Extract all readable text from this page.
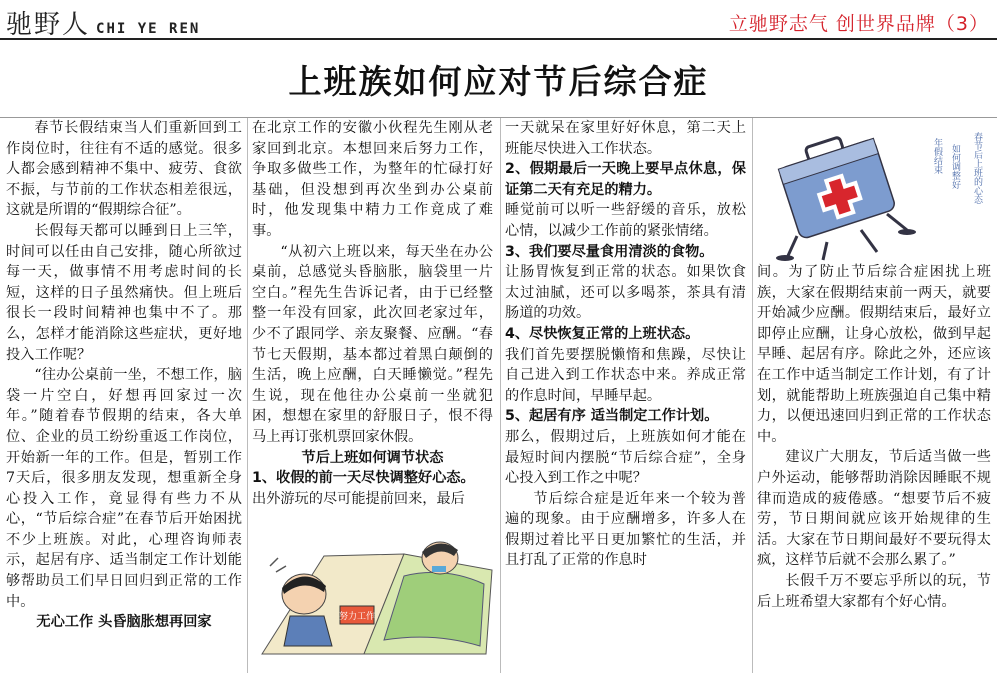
驰野人 CHI YE REN	立驰野志气 创世界品牌（3）
上班族如何应对节后综合症

春节长假结束当人们重新回到工作岗位时，往往有不适的感觉。很多人都会感到精神不集中、疲劳、食欲不振，与节前的工作状态相差很远，这就是所谓的“假期综合征”。

长假每天都可以睡到日上三竿，时间可以任由自己安排，随心所欲过每一天，做事情不用考虑时间的长短，这样的日子虽然痛快。但上班后很长一段时间精神也集中不了。那么，怎样才能消除这些症状，更好地投入工作呢？

“往办公桌前一坐，不想工作，脑袋一片空白，好想再回家过一次年。”随着春节假期的结束，各大单位、企业的员工纷纷重返工作岗位，开始新一年的工作。但是，暂别工作7天后，很多朋友发现，想重新全身心投入工作，竟显得有些力不从心，“节后综合症”在春节后开始困扰不少上班族。对此，心理咨询师表示，起居有序、适当制定工作计划能够帮助员工们早日回归到正常的工作中。

无心工作 头昏脑胀想再回家

在北京工作的安徽小伙程先生刚从老家回到北京。本想回来后努力工作，争取多做些工作，为整年的忙碌打好基础，但没想到再次坐到办公桌前时，他发现集中精力工作竟成了难事。

“从初六上班以来，每天坐在办公桌前，总感觉头昏脑胀，脑袋里一片空白。”程先生告诉记者，由于已经整整一年没有回家，此次回老家过年，少不了跟同学、亲友聚餐、应酬。“春节七天假期，基本都过着黑白颠倒的生活，晚上应酬，白天睡懒觉。”程先生说，现在他往办公桌前一坐就犯困，想想在家里的舒服日子，恨不得马上再订张机票回家休假。

节后上班如何调节状态

1、收假的前一天尽快调整好心态。

出外游玩的尽可能提前回来，最后

努力工作

一天就呆在家里好好休息，第二天上班能尽快进入工作状态。

2、假期最后一天晚上要早点休息，保证第二天有充足的精力。

睡觉前可以听一些舒缓的音乐，放松心情，以减少工作前的紧张情绪。

3、我们要尽量食用清淡的食物。

让肠胃恢复到正常的状态。如果饮食太过油腻，还可以多喝茶，茶具有清肠道的功效。

4、尽快恢复正常的上班状态。

我们首先要摆脱懒惰和焦躁，尽快让自己进入到工作状态中来。养成正常的作息时间，早睡早起。

5、起居有序 适当制定工作计划。

那么，假期过后，上班族如何才能在最短时间内摆脱“节后综合症”，全身心投入到工作之中呢？

节后综合症是近年来一个较为普遍的现象。由于应酬增多，许多人在假期过着比平日更加繁忙的生活，并且打乱了正常的作息时

年假结束 如何调整好 春节后上班的心态

间。为了防止节后综合症困扰上班族，大家在假期结束前一两天，就要开始减少应酬。假期结束后，最好立即停止应酬，让身心放松，做到早起早睡、起居有序。除此之外，还应该在工作中适当制定工作计划，有了计划，就能帮助上班族强迫自己集中精力，以便迅速回归到正常的工作状态中。

建议广大朋友，节后适当做一些户外运动，能够帮助消除因睡眠不规律而造成的疲倦感。“想要节后不疲劳，节日期间就应该开始规律的生活。大家在节日期间最好不要玩得太疯，这样节后就不会那么累了。”

长假千万不要忘乎所以的玩，节后上班希望大家都有个好心情。
